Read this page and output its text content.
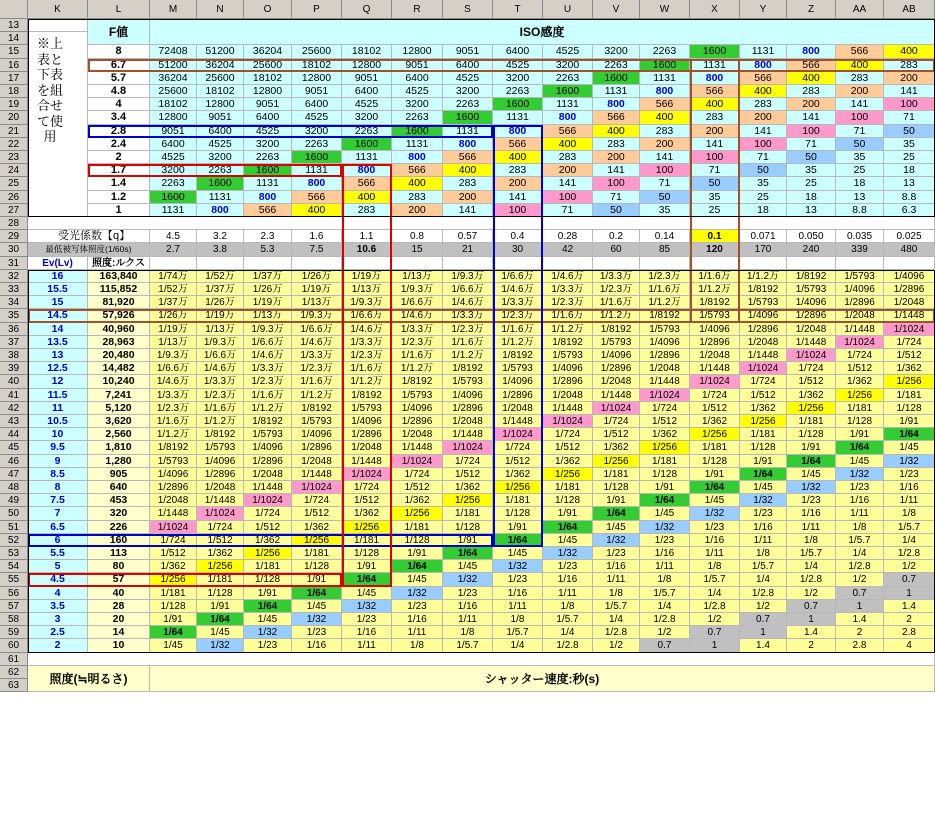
K	L	M	N	O	P	Q	R	S	T	U	V	W	X	Y	Z	AA	AB
13
14
15
16
17
18
19
20
21
22
23
24
25
26
27
28
29
30
31
32
33
34
35
36
37
38
39
40
41
42
43
44
45
46
47
48
49
50
51
52
53
54
55
56
57
58
59
60
61
62
63
8	72408	51200	36204	25600	18102	12800	9051	6400	4525	3200	2263	1600	1131	800	566	400
6.7	51200	36204	25600	18102	12800	9051	6400	4525	3200	2263	1600	1131	800	566	400	283
5.7	36204	25600	18102	12800	9051	6400	4525	3200	2263	1600	1131	800	566	400	283	200
4.8	25600	18102	12800	9051	6400	4525	3200	2263	1600	1131	800	566	400	283	200	141
4	18102	12800	9051	6400	4525	3200	2263	1600	1131	800	566	400	283	200	141	100
3.4	12800	9051	6400	4525	3200	2263	1600	1131	800	566	400	283	200	141	100	71
2.8	9051	6400	4525	3200	2263	1600	1131	800	566	400	283	200	141	100	71	50
2.4	6400	4525	3200	2263	1600	1131	800	566	400	283	200	141	100	71	50	35
2	4525	3200	2263	1600	1131	800	566	400	283	200	141	100	71	50	35	25
1.7	3200	2263	1600	1131	800	566	400	283	200	141	100	71	50	35	25	18
1.4	2263	1600	1131	800	566	400	283	200	141	100	71	50	35	25	18	13
1.2	1600	1131	800	566	400	283	200	141	100	71	50	35	25	18	13	8.8
1	1131	800	566	400	283	200	141	100	71	50	35	25	18	13	8.8	6.3
F値	ISO感度
※上表と下表を組合せて使用
受光係数【q】	4.5	3.2	2.3	1.6	1.1	0.8	0.57	0.4	0.28	0.2	0.14	0.1	0.071	0.050	0.035	0.025
最低被写体照度(1/60s)	2.7	3.8	5.3	7.5	10.6	15	21	30	42	60	85	120	170	240	339	480
Ev(Lv)	照度:ルクス
16	163,840	1/74万	1/52万	1/37万	1/26万	1/19万	1/13万	1/9.3万	1/6.6万	1/4.6万	1/3.3万	1/2.3万	1/1.6万	1/1.2万	1/8192	1/5793	1/4096
15.5	115,852	1/52万	1/37万	1/26万	1/19万	1/13万	1/9.3万	1/6.6万	1/4.6万	1/3.3万	1/2.3万	1/1.6万	1/1.2万	1/8192	1/5793	1/4096	1/2896
15	81,920	1/37万	1/26万	1/19万	1/13万	1/9.3万	1/6.6万	1/4.6万	1/3.3万	1/2.3万	1/1.6万	1/1.2万	1/8192	1/5793	1/4096	1/2896	1/2048
14.5	57,926	1/26万	1/19万	1/13万	1/9.3万	1/6.6万	1/4.6万	1/3.3万	1/2.3万	1/1.6万	1/1.2万	1/8192	1/5793	1/4096	1/2896	1/2048	1/1448
14	40,960	1/19万	1/13万	1/9.3万	1/6.6万	1/4.6万	1/3.3万	1/2.3万	1/1.6万	1/1.2万	1/8192	1/5793	1/4096	1/2896	1/2048	1/1448	1/1024
13.5	28,963	1/13万	1/9.3万	1/6.6万	1/4.6万	1/3.3万	1/2.3万	1/1.6万	1/1.2万	1/8192	1/5793	1/4096	1/2896	1/2048	1/1448	1/1024	1/724
13	20,480	1/9.3万	1/6.6万	1/4.6万	1/3.3万	1/2.3万	1/1.6万	1/1.2万	1/8192	1/5793	1/4096	1/2896	1/2048	1/1448	1/1024	1/724	1/512
12.5	14,482	1/6.6万	1/4.6万	1/3.3万	1/2.3万	1/1.6万	1/1.2万	1/8192	1/5793	1/4096	1/2896	1/2048	1/1448	1/1024	1/724	1/512	1/362
12	10,240	1/4.6万	1/3.3万	1/2.3万	1/1.6万	1/1.2万	1/8192	1/5793	1/4096	1/2896	1/2048	1/1448	1/1024	1/724	1/512	1/362	1/256
11.5	7,241	1/3.3万	1/2.3万	1/1.6万	1/1.2万	1/8192	1/5793	1/4096	1/2896	1/2048	1/1448	1/1024	1/724	1/512	1/362	1/256	1/181
11	5,120	1/2.3万	1/1.6万	1/1.2万	1/8192	1/5793	1/4096	1/2896	1/2048	1/1448	1/1024	1/724	1/512	1/362	1/256	1/181	1/128
10.5	3,620	1/1.6万	1/1.2万	1/8192	1/5793	1/4096	1/2896	1/2048	1/1448	1/1024	1/724	1/512	1/362	1/256	1/181	1/128	1/91
10	2,560	1/1.2万	1/8192	1/5793	1/4096	1/2896	1/2048	1/1448	1/1024	1/724	1/512	1/362	1/256	1/181	1/128	1/91	1/64
9.5	1,810	1/8192	1/5793	1/4096	1/2896	1/2048	1/1448	1/1024	1/724	1/512	1/362	1/256	1/181	1/128	1/91	1/64	1/45
9	1,280	1/5793	1/4096	1/2896	1/2048	1/1448	1/1024	1/724	1/512	1/362	1/256	1/181	1/128	1/91	1/64	1/45	1/32
8.5	905	1/4096	1/2896	1/2048	1/1448	1/1024	1/724	1/512	1/362	1/256	1/181	1/128	1/91	1/64	1/45	1/32	1/23
8	640	1/2896	1/2048	1/1448	1/1024	1/724	1/512	1/362	1/256	1/181	1/128	1/91	1/64	1/45	1/32	1/23	1/16
7.5	453	1/2048	1/1448	1/1024	1/724	1/512	1/362	1/256	1/181	1/128	1/91	1/64	1/45	1/32	1/23	1/16	1/11
7	320	1/1448	1/1024	1/724	1/512	1/362	1/256	1/181	1/128	1/91	1/64	1/45	1/32	1/23	1/16	1/11	1/8
6.5	226	1/1024	1/724	1/512	1/362	1/256	1/181	1/128	1/91	1/64	1/45	1/32	1/23	1/16	1/11	1/8	1/5.7
6	160	1/724	1/512	1/362	1/256	1/181	1/128	1/91	1/64	1/45	1/32	1/23	1/16	1/11	1/8	1/5.7	1/4
5.5	113	1/512	1/362	1/256	1/181	1/128	1/91	1/64	1/45	1/32	1/23	1/16	1/11	1/8	1/5.7	1/4	1/2.8
5	80	1/362	1/256	1/181	1/128	1/91	1/64	1/45	1/32	1/23	1/16	1/11	1/8	1/5.7	1/4	1/2.8	1/2
4.5	57	1/256	1/181	1/128	1/91	1/64	1/45	1/32	1/23	1/16	1/11	1/8	1/5.7	1/4	1/2.8	1/2	0.7
4	40	1/181	1/128	1/91	1/64	1/45	1/32	1/23	1/16	1/11	1/8	1/5.7	1/4	1/2.8	1/2	0.7	1
3.5	28	1/128	1/91	1/64	1/45	1/32	1/23	1/16	1/11	1/8	1/5.7	1/4	1/2.8	1/2	0.7	1	1.4
3	20	1/91	1/64	1/45	1/32	1/23	1/16	1/11	1/8	1/5.7	1/4	1/2.8	1/2	0.7	1	1.4	2
2.5	14	1/64	1/45	1/32	1/23	1/16	1/11	1/8	1/5.7	1/4	1/2.8	1/2	0.7	1	1.4	2	2.8
2	10	1/45	1/32	1/23	1/16	1/11	1/8	1/5.7	1/4	1/2.8	1/2	0.7	1	1.4	2	2.8	4
照度(≒明るさ)	シャッター速度:秒(s)
